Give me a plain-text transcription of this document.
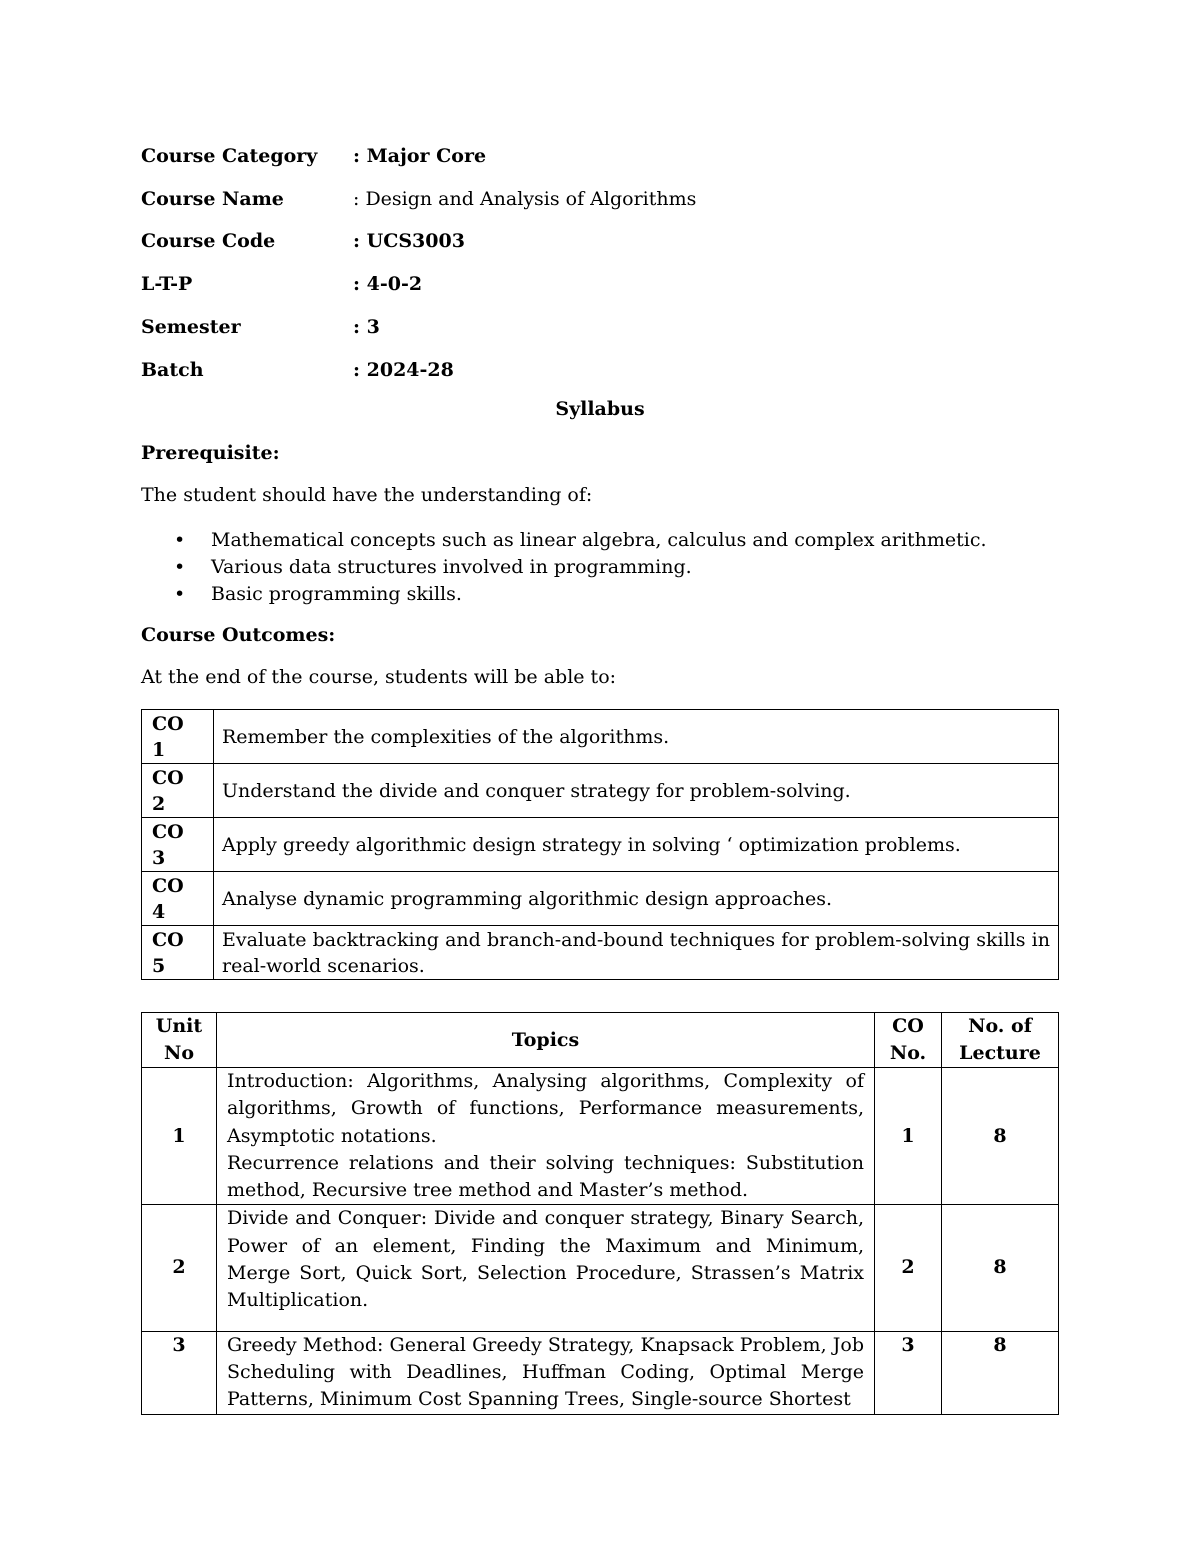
Course Category : Major Core
Course Name	: Design and Analysis of Algorithms
Course Code	: UCS3003
L-T-P	: 4-0-2
Semester	: 3
Batch	: 2024-28
Syllabus
Prerequisite:
The student should have the understanding of:
• Mathematical concepts such as linear algebra, calculus and complex arithmetic.
• Various data structures involved in programming.
• Basic programming skills.
Course Outcomes:
At the end of the course, students will be able to:
CO 1	Remember the complexities of the algorithms.
CO 2	Understand the divide and conquer strategy for problem-solving.
CO 3	Apply greedy algorithmic design strategy in solving ‘ optimization problems.
CO 4	Analyse dynamic programming algorithmic design approaches.
CO 5	Evaluate backtracking and branch-and-bound techniques for problem-solving skills in real-world scenarios.
Unit No	Topics	CO No.	No. of Lecture
1	Introduction: Algorithms, Analysing algorithms, Complexity of algorithms, Growth of functions, Performance measurements, Asymptotic notations.
Recurrence relations and their solving techniques: Substitution method, Recursive tree method and Master’s method.	1	8
2	Divide and Conquer: Divide and conquer strategy, Binary Search, Power of an element, Finding the Maximum and Minimum, Merge Sort, Quick Sort, Selection Procedure, Strassen’s Matrix Multiplication.	2	8
3	Greedy Method: General Greedy Strategy, Knapsack Problem, Job Scheduling with Deadlines, Huffman Coding, Optimal Merge Patterns, Minimum Cost Spanning Trees, Single-source Shortest	3	8
